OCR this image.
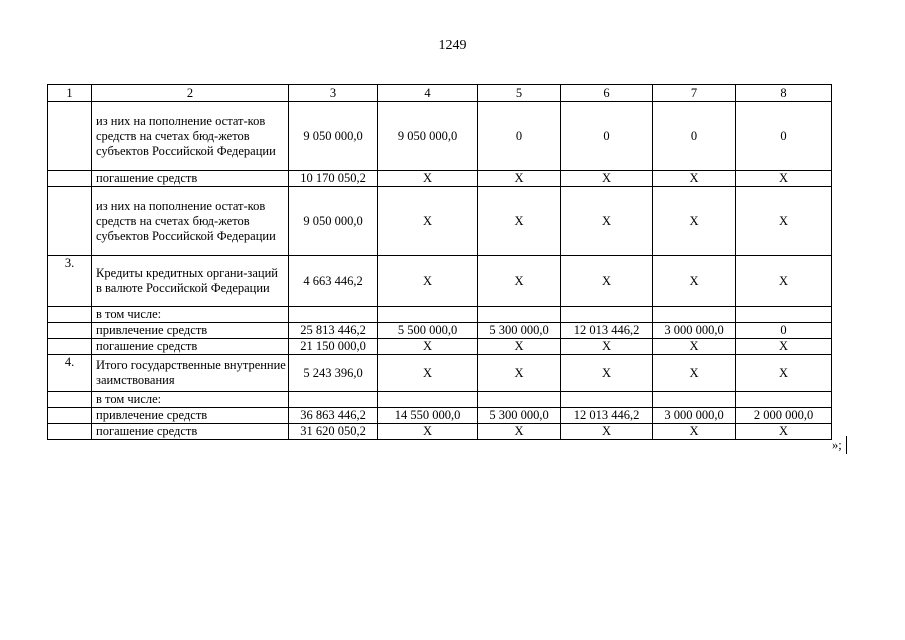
1249
1	2	3	4	5	6	7	8
	из них на пополнение остат-ков средств на счетах бюд-жетов субъектов Российской Федерации	9 050 000,0	9 050 000,0	0	0	0	0
	погашение средств	10 170 050,2	Х	Х	Х	Х	Х
	из них на пополнение остат-ков средств на счетах бюд-жетов субъектов Российской Федерации	9 050 000,0	Х	Х	Х	Х	Х
3.	Кредиты кредитных органи-заций в валюте Российской Федерации	4 663 446,2	Х	Х	Х	Х	Х
	в том числе:						
	привлечение средств	25 813 446,2	5 500 000,0	5 300 000,0	12 013 446,2	3 000 000,0	0
	погашение средств	21 150 000,0	Х	Х	Х	Х	Х
4.	Итого государственные внутренние заимствования	5 243 396,0	Х	Х	Х	Х	Х
	в том числе:						
	привлечение средств	36 863 446,2	14 550 000,0	5 300 000,0	12 013 446,2	3 000 000,0	2 000 000,0
	погашение средств	31 620 050,2	Х	Х	Х	Х	Х
»;
